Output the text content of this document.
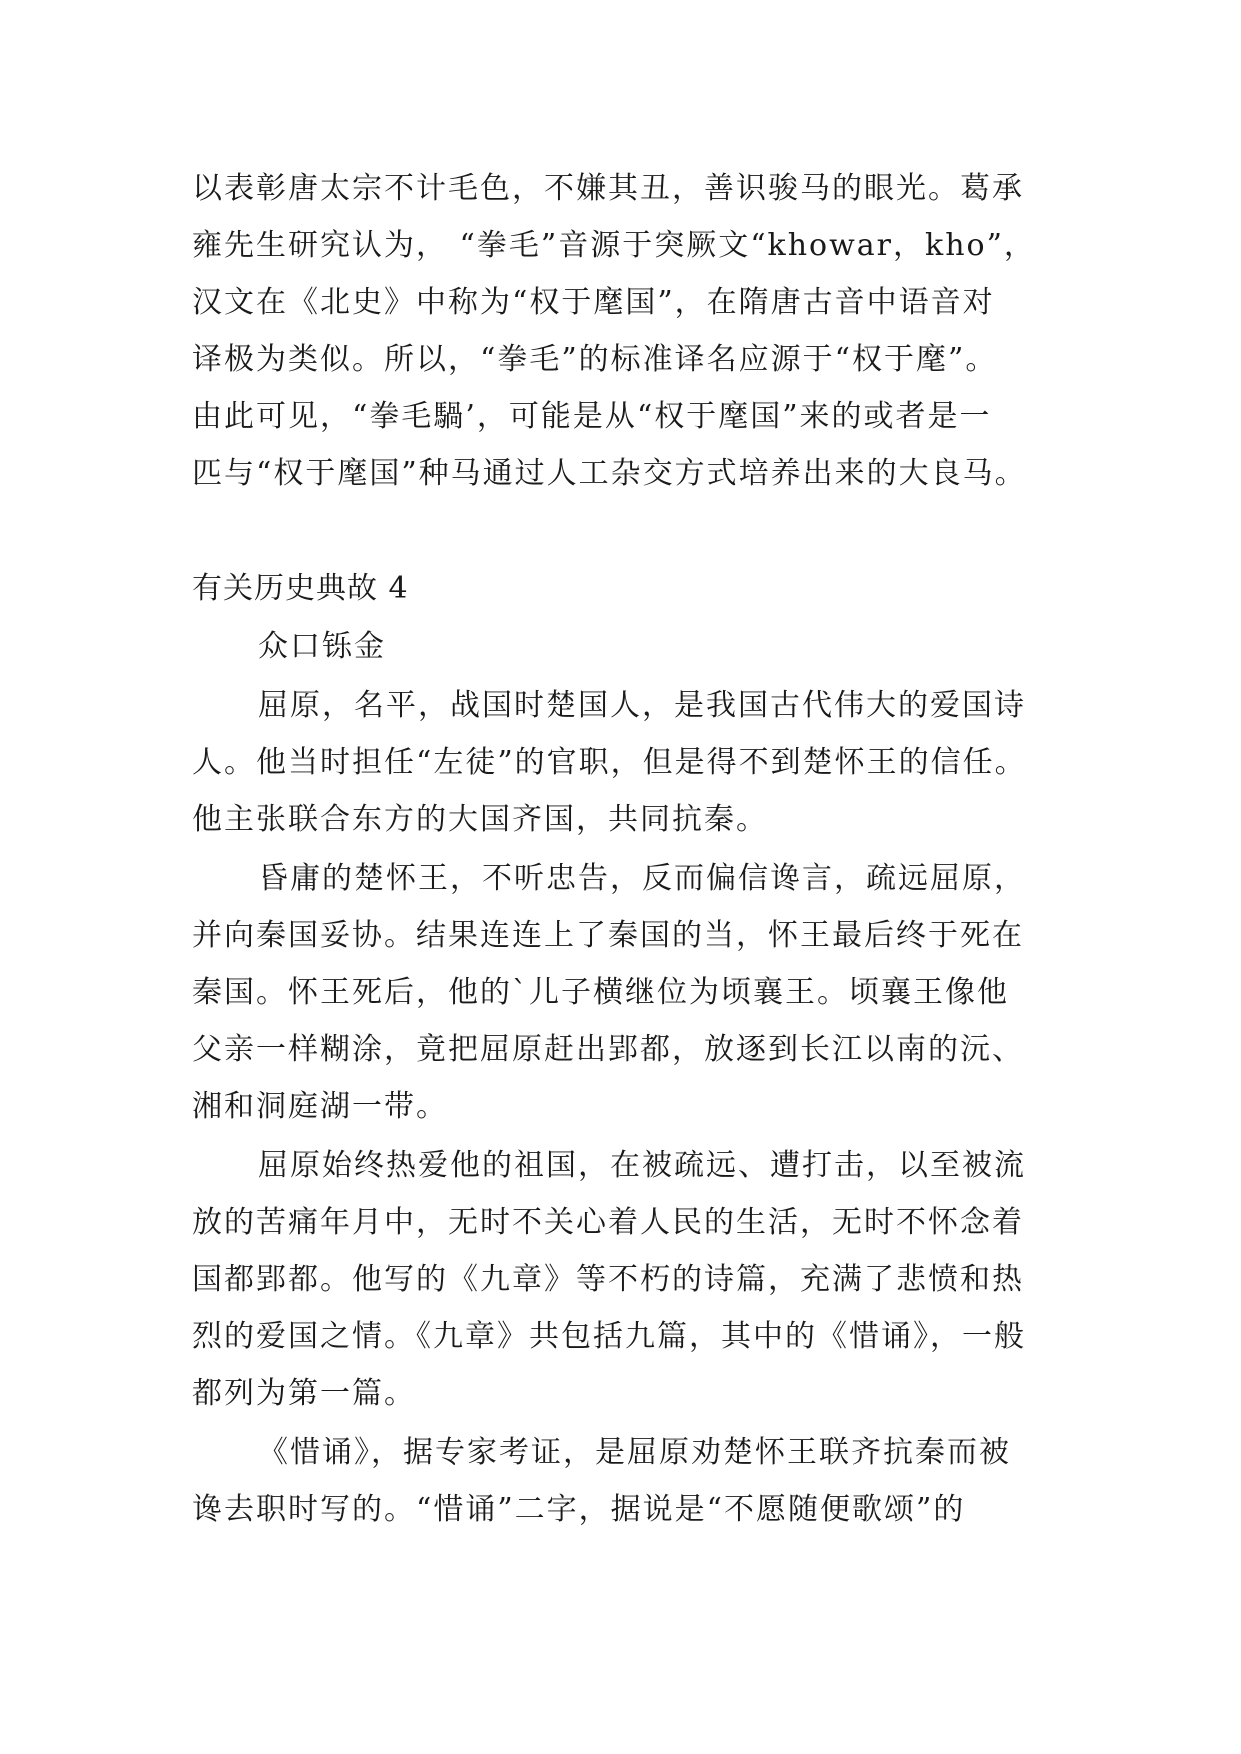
以表彰唐太宗不计毛色，不嫌其丑，善识骏马的眼光。葛承
雍先生研究认为， “拳毛”音源于突厥文“khowar，kho”，
汉文在《北史》中称为“权于麾国”，在隋唐古音中语音对
译极为类似。所以，“拳毛”的标准译名应源于“权于麾”。
由此可见，“拳毛騧’，可能是从“权于麾国”来的或者是一
匹与“权于麾国”种马通过人工杂交方式培养出来的大良马。
有关历史典故 4
众口铄金
屈原，名平，战国时楚国人，是我国古代伟大的爱国诗
人。他当时担任“左徒”的官职，但是得不到楚怀王的信任。
他主张联合东方的大国齐国，共同抗秦。
昏庸的楚怀王，不听忠告，反而偏信谗言，疏远屈原，
并向秦国妥协。结果连连上了秦国的当，怀王最后终于死在
秦国。怀王死后，他的`儿子横继位为顷襄王。顷襄王像他
父亲一样糊涂，竟把屈原赶出郢都，放逐到长江以南的沅、
湘和洞庭湖一带。
屈原始终热爱他的祖国，在被疏远、遭打击，以至被流
放的苦痛年月中，无时不关心着人民的生活，无时不怀念着
国都郢都。他写的《九章》等不朽的诗篇，充满了悲愤和热
烈的爱国之情。《九章》共包括九篇，其中的《惜诵》，一般
都列为第一篇。
《惜诵》，据专家考证，是屈原劝楚怀王联齐抗秦而被
谗去职时写的。“惜诵”二字，据说是“不愿随便歌颂”的
